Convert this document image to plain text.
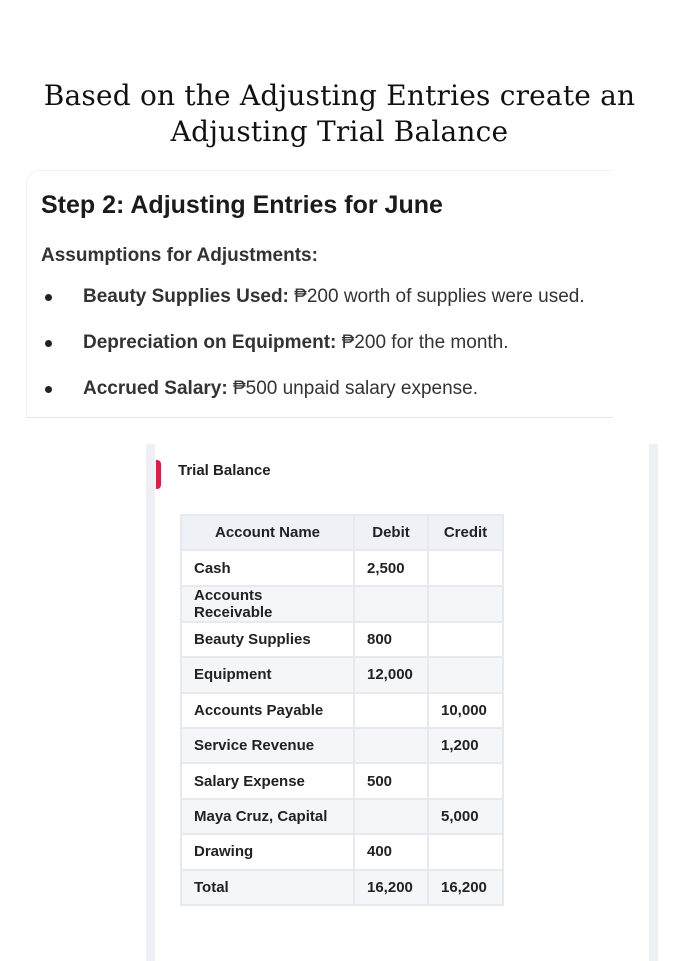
Based on the Adjusting Entries create an
Adjusting Trial Balance
Step 2: Adjusting Entries for June
Assumptions for Adjustments:
Beauty Supplies Used: ₱200 worth of supplies were used.
Depreciation on Equipment: ₱200 for the month.
Accrued Salary: ₱500 unpaid salary expense.
Trial Balance
Account Name	Debit	Credit
Cash	2,500	
Accounts Receivable		
Beauty Supplies	800	
Equipment	12,000	
Accounts Payable		10,000
Service Revenue		1,200
Salary Expense	500	
Maya Cruz, Capital		5,000
Drawing	400	
Total	16,200	16,200
